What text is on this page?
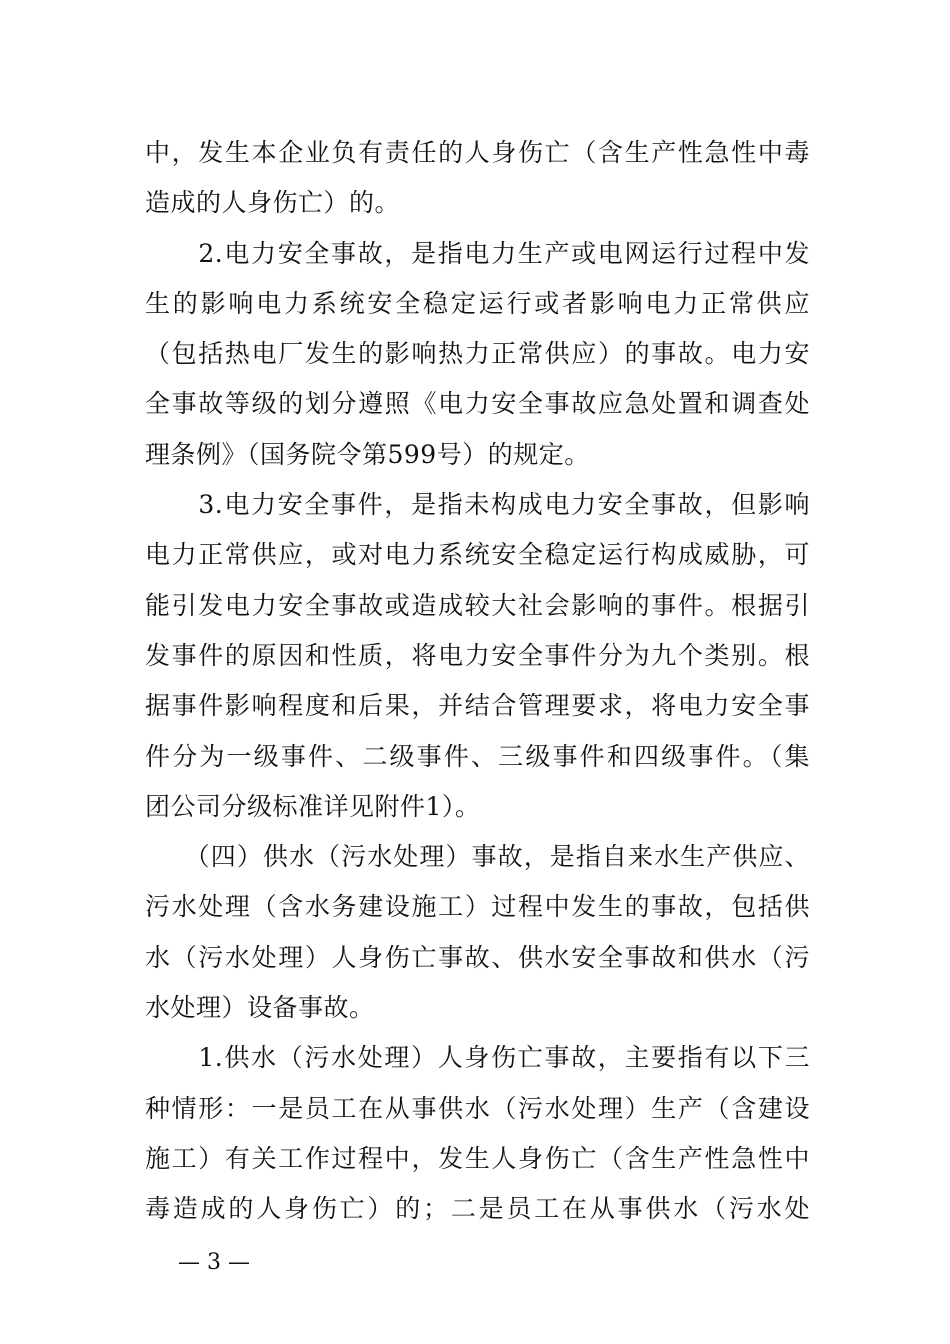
中，发生本企业负有责任的人身伤亡（含生产性急性中毒
造成的人身伤亡）的。
　　2.电力安全事故，是指电力生产或电网运行过程中发
生的影响电力系统安全稳定运行或者影响电力正常供应
（包括热电厂发生的影响热力正常供应）的事故。电力安
全事故等级的划分遵照《电力安全事故应急处置和调查处
理条例》（国务院令第599号）的规定。
　　3.电力安全事件，是指未构成电力安全事故，但影响
电力正常供应，或对电力系统安全稳定运行构成威胁，可
能引发电力安全事故或造成较大社会影响的事件。根据引
发事件的原因和性质，将电力安全事件分为九个类别。根
据事件影响程度和后果，并结合管理要求，将电力安全事
件分为一级事件、二级事件、三级事件和四级事件。（集
团公司分级标准详见附件1）。
　　（四）供水（污水处理）事故，是指自来水生产供应、
污水处理（含水务建设施工）过程中发生的事故，包括供
水（污水处理）人身伤亡事故、供水安全事故和供水（污
水处理）设备事故。
　　1.供水（污水处理）人身伤亡事故，主要指有以下三
种情形：一是员工在从事供水（污水处理）生产（含建设
施工）有关工作过程中，发生人身伤亡（含生产性急性中
毒造成的人身伤亡）的；二是员工在从事供水（污水处
— 3 —
